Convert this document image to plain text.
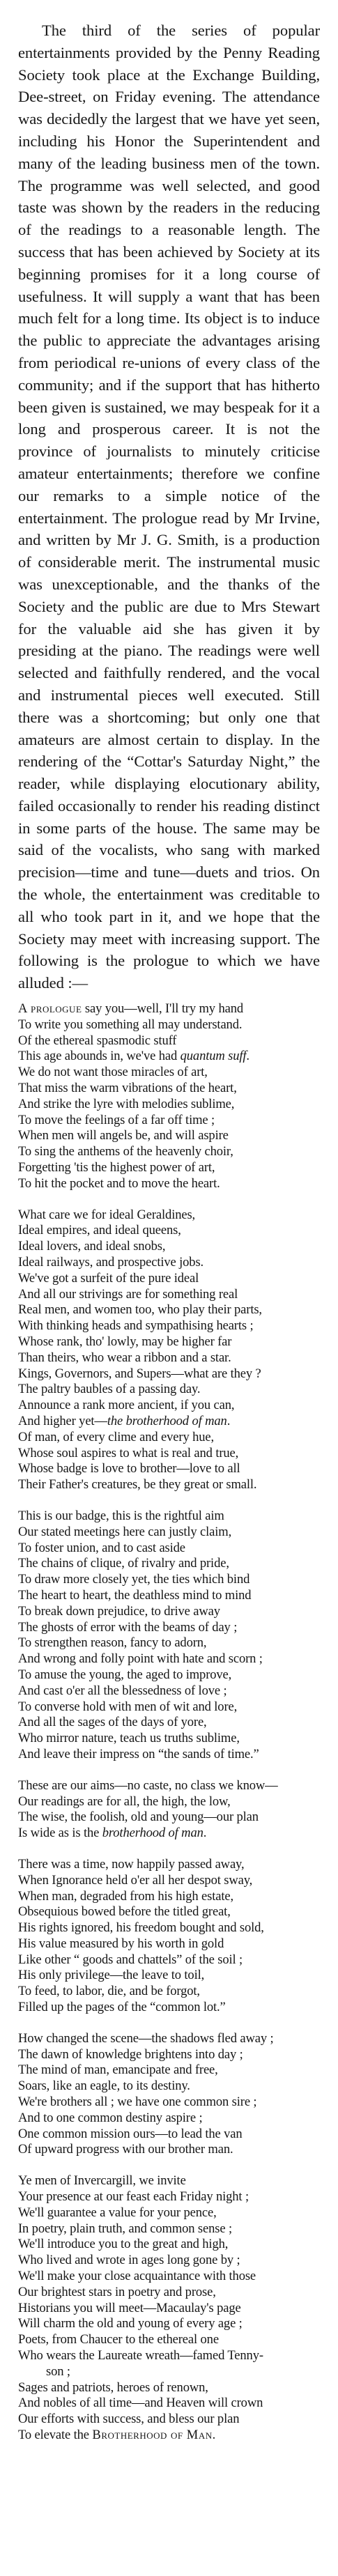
The third of the series of popular entertainments provided by the Penny Reading Society took place at the Exchange Building, Dee-street, on Friday evening. The attendance was decidedly the largest that we have yet seen, including his Honor the Superintendent and many of the leading business men of the town. The programme was well selected, and good taste was shown by the readers in the reducing of the readings to a reasonable length. The success that has been achieved by Society at its beginning promises for it a long course of usefulness. It will supply a want that has been much felt for a long time. Its object is to induce the public to appreciate the advantages arising from periodical re-unions of every class of the community; and if the support that has hitherto been given is sustained, we may bespeak for it a long and prosperous career. It is not the province of journalists to minutely criticise amateur entertainments; therefore we confine our remarks to a simple notice of the entertainment. The prologue read by Mr Irvine, and written by Mr J. G. Smith, is a production of considerable merit. The instrumental music was unexceptionable, and the thanks of the Society and the public are due to Mrs Stewart for the valuable aid she has given it by presiding at the piano. The readings were well selected and faithfully rendered, and the vocal and instrumental pieces well executed. Still there was a shortcoming; but only one that amateurs are almost certain to display. In the rendering of the “Cottar's Saturday Night,” the reader, while displaying elocutionary ability, failed occasionally to render his reading distinct in some parts of the house. The same may be said of the vocalists, who sang with marked precision—time and tune—duets and trios. On the whole, the entertainment was creditable to all who took part in it, and we hope that the Society may meet with increasing support. The following is the prologue to which we have alluded :—

A prologue say you—well, I'll try my hand
To write you something all may understand.
Of the ethereal spasmodic stuff
This age abounds in, we've had quantum suff.
We do not want those miracles of art,
That miss the warm vibrations of the heart,
And strike the lyre with melodies sublime,
To move the feelings of a far off time ;
When men will angels be, and will aspire
To sing the anthems of the heavenly choir,
Forgetting 'tis the highest power of art,
To hit the pocket and to move the heart.
What care we for ideal Geraldines,
Ideal empires, and ideal queens,
Ideal lovers, and ideal snobs,
Ideal railways, and prospective jobs.
We've got a surfeit of the pure ideal
And all our strivings are for something real
Real men, and women too, who play their parts,
With thinking heads and sympathising hearts ;
Whose rank, tho' lowly, may be higher far
Than theirs, who wear a ribbon and a star.
Kings, Governors, and Supers—what are they ?
The paltry baubles of a passing day.
Announce a rank more ancient, if you can,
And higher yet—the brotherhood of man.
Of man, of every clime and every hue,
Whose soul aspires to what is real and true,
Whose badge is love to brother—love to all
Their Father's creatures, be they great or small.
This is our badge, this is the rightful aim
Our stated meetings here can justly claim,
To foster union, and to cast aside
The chains of clique, of rivalry and pride,
To draw more closely yet, the ties which bind
The heart to heart, the deathless mind to mind
To break down prejudice, to drive away
The ghosts of error with the beams of day ;
To strengthen reason, fancy to adorn,
And wrong and folly point with hate and scorn ;
To amuse the young, the aged to improve,
And cast o'er all the blessedness of love ;
To converse hold with men of wit and lore,
And all the sages of the days of yore,
Who mirror nature, teach us truths sublime,
And leave their impress on “the sands of time.”
These are our aims—no caste, no class we know—
Our readings are for all, the high, the low,
The wise, the foolish, old and young—our plan
Is wide as is the brotherhood of man.
There was a time, now happily passed away,
When Ignorance held o'er all her despot sway,
When man, degraded from his high estate,
Obsequious bowed before the titled great,
His rights ignored, his freedom bought and sold,
His value measured by his worth in gold
Like other “ goods and chattels” of the soil ;
His only privilege—the leave to toil,
To feed, to labor, die, and be forgot,
Filled up the pages of the “common lot.”
How changed the scene—the shadows fled away ;
The dawn of knowledge brightens into day ;
The mind of man, emancipate and free,
Soars, like an eagle, to its destiny.
We're brothers all ; we have one common sire ;
And to one common destiny aspire ;
One common mission ours—to lead the van
Of upward progress with our brother man.
Ye men of Invercargill, we invite
Your presence at our feast each Friday night ;
We'll guarantee a value for your pence,
In poetry, plain truth, and common sense ;
We'll introduce you to the great and high,
Who lived and wrote in ages long gone by ;
We'll make your close acquaintance with those
Our brightest stars in poetry and prose,
Historians you will meet—Macaulay's page
Will charm the old and young of every age ;
Poets, from Chaucer to the ethereal one
Who wears the Laureate wreath—famed Tenny-
son ;
Sages and patriots, heroes of renown,
And nobles of all time—and Heaven will crown
Our efforts with success, and bless our plan
To elevate the Brotherhood of Man.
